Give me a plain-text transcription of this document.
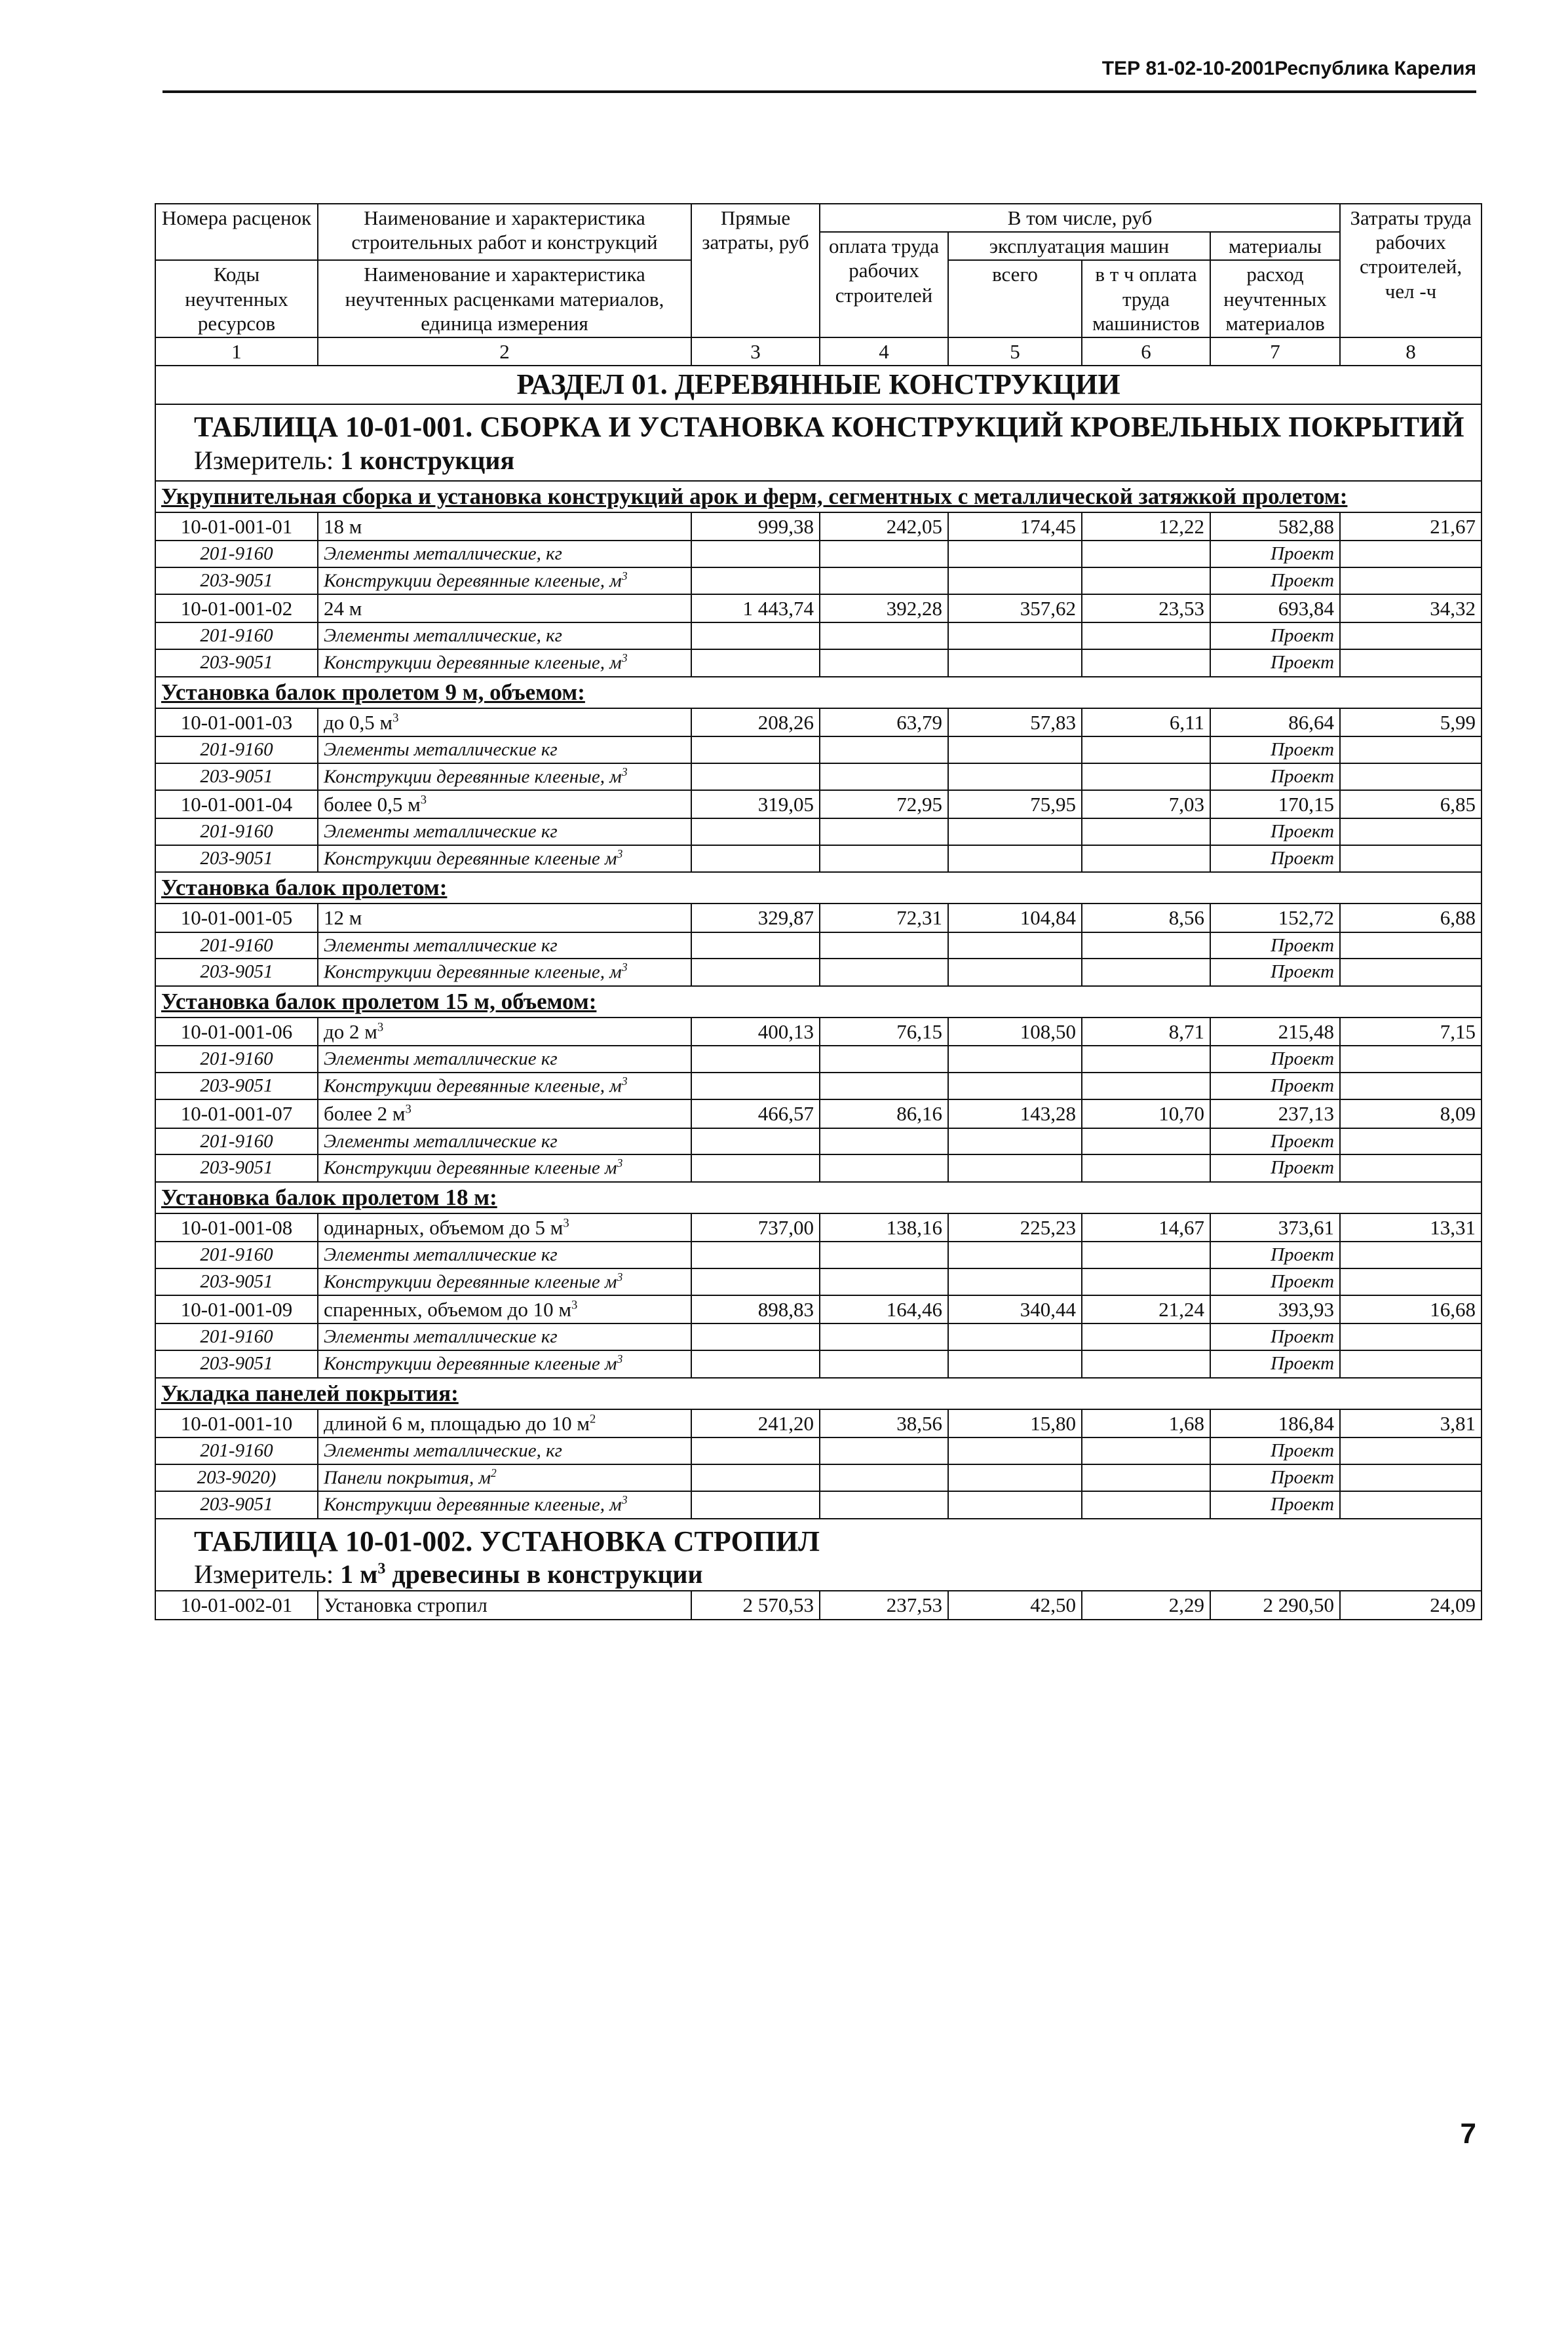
ТЕР 81-02-10-2001Республика Карелия
Номера расценок	Наименование и характеристика строительных работ и конструкций	Прямые затраты, руб	В том числе, руб				Затраты труда рабочих строителей, чел -ч
			оплата труда рабочих строителей	эксплуатация машин		материалы	
Коды неучтенных ресурсов	Наименование и характеристика неучтенных расценками материалов, единица измерения			всего	в т ч оплата труда машинистов	расход неучтенных материалов	

1	2	3	4	5	6	7	8
РАЗДЕЛ 01. ДЕРЕВЯННЫЕ КОНСТРУКЦИИ							

ТАБЛИЦА 10-01-001. СБОРКА И УСТАНОВКА КОНСТРУКЦИЙ КРОВЕЛЬНЫХ ПОКРЫТИЙ
Измеритель: 1 конструкция							

Укрупнительная сборка и установка конструкций арок и ферм, сегментных с металлической затяжкой пролетом:							
10-01-001-01	18 м	999,38	242,05	174,45	12,22	582,88	21,67
201-9160	Элементы металлические, кг					Проект	
203-9051	Конструкции деревянные клееные, $м^3$					Проект	
10-01-001-02	24 м	1 443,74	392,28	357,62	23,53	693,84	34,32
201-9160	Элементы металлические, кг					Проект	
203-9051	Конструкции деревянные клееные, $м^3$					Проект	
Установка балок пролетом 9 м, объемом:							
10-01-001-03	до 0,5 $м^3$	208,26	63,79	57,83	6,11	86,64	5,99
201-9160	Элементы металлические кг					Проект	
203-9051	Конструкции деревянные клееные, $м^3$					Проект	
10-01-001-04	более 0,5 $м^3$	319,05	72,95	75,95	7,03	170,15	6,85
201-9160	Элементы металлические кг					Проект	
203-9051	Конструкции деревянные клееные $м^3$					Проект	
Установка балок пролетом:							
10-01-001-05	12 м	329,87	72,31	104,84	8,56	152,72	6,88
201-9160	Элементы металлические кг					Проект	
203-9051	Конструкции деревянные клееные, $м^3$					Проект	
Установка балок пролетом 15 м, объемом:							
10-01-001-06	до 2 $м^3$	400,13	76,15	108,50	8,71	215,48	7,15
201-9160	Элементы металлические кг					Проект	
203-9051	Конструкции деревянные клееные, $м^3$					Проект	
10-01-001-07	более 2 $м^3$	466,57	86,16	143,28	10,70	237,13	8,09
201-9160	Элементы металлические кг					Проект	
203-9051	Конструкции деревянные клееные $м^3$					Проект	
Установка балок пролетом 18 м:							
10-01-001-08	одинарных, объемом до 5 $м^3$	737,00	138,16	225,23	14,67	373,61	13,31
201-9160	Элементы металлические кг					Проект	
203-9051	Конструкции деревянные клееные $м^3$					Проект	
10-01-001-09	спаренных, объемом до 10 $м^3$	898,83	164,46	340,44	21,24	393,93	16,68
201-9160	Элементы металлические кг					Проект	
203-9051	Конструкции деревянные клееные $м^3$					Проект	
Укладка панелей покрытия:							
10-01-001-10	длиной 6 м, площадью до 10 $м^2$	241,20	38,56	15,80	1,68	186,84	3,81
201-9160	Элементы металлические, кг					Проект	
203-9020)	Панели покрытия, $м^2$					Проект	
203-9051	Конструкции деревянные клееные, $м^3$					Проект	

ТАБЛИЦА 10-01-002. УСТАНОВКА СТРОПИЛ
Измеритель: 1 $м^3$ древесины в конструкции							

10-01-002-01	Установка стропил	2 570,53	237,53	42,50	2,29	2 290,50	24,09
7
